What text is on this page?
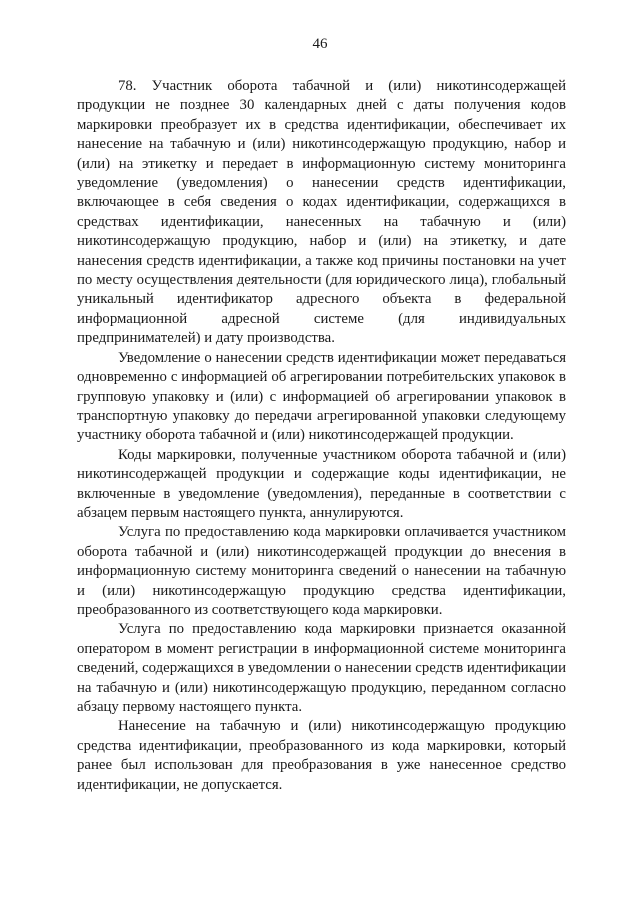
46

78. Участник оборота табачной и (или) никотинсодержащей продукции не позднее 30 календарных дней с даты получения кодов маркировки преобразует их в средства идентификации, обеспечивает их нанесение на табачную и (или) никотинсодержащую продукцию, набор и (или) на этикетку и передает в информационную систему мониторинга уведомление (уведомления) о нанесении средств идентификации, включающее в себя сведения о кодах идентификации, содержащихся в средствах идентификации, нанесенных на табачную и (или) никотинсодержащую продукцию, набор и (или) на этикетку, и дате нанесения средств идентификации, а также код причины постановки на учет по месту осуществления деятельности (для юридического лица), глобальный уникальный идентификатор адресного объекта в федеральной информационной адресной системе (для индивидуальных предпринимателей) и дату производства.

Уведомление о нанесении средств идентификации может передаваться одновременно с информацией об агрегировании потребительских упаковок в групповую упаковку и (или) с информацией об агрегировании упаковок в транспортную упаковку до передачи агрегированной упаковки следующему участнику оборота табачной и (или) никотинсодержащей продукции.

Коды маркировки, полученные участником оборота табачной и (или) никотинсодержащей продукции и содержащие коды идентификации, не включенные в уведомление (уведомления), переданные в соответствии с абзацем первым настоящего пункта, аннулируются.

Услуга по предоставлению кода маркировки оплачивается участником оборота табачной и (или) никотинсодержащей продукции до внесения в информационную систему мониторинга сведений о нанесении на табачную и (или) никотинсодержащую продукцию средства идентификации, преобразованного из соответствующего кода маркировки.

Услуга по предоставлению кода маркировки признается оказанной оператором в момент регистрации в информационной системе мониторинга сведений, содержащихся в уведомлении о нанесении средств идентификации на табачную и (или) никотинсодержащую продукцию, переданном согласно абзацу первому настоящего пункта.

Нанесение на табачную и (или) никотинсодержащую продукцию средства идентификации, преобразованного из кода маркировки, который ранее был использован для преобразования в уже нанесенное средство идентификации, не допускается.
